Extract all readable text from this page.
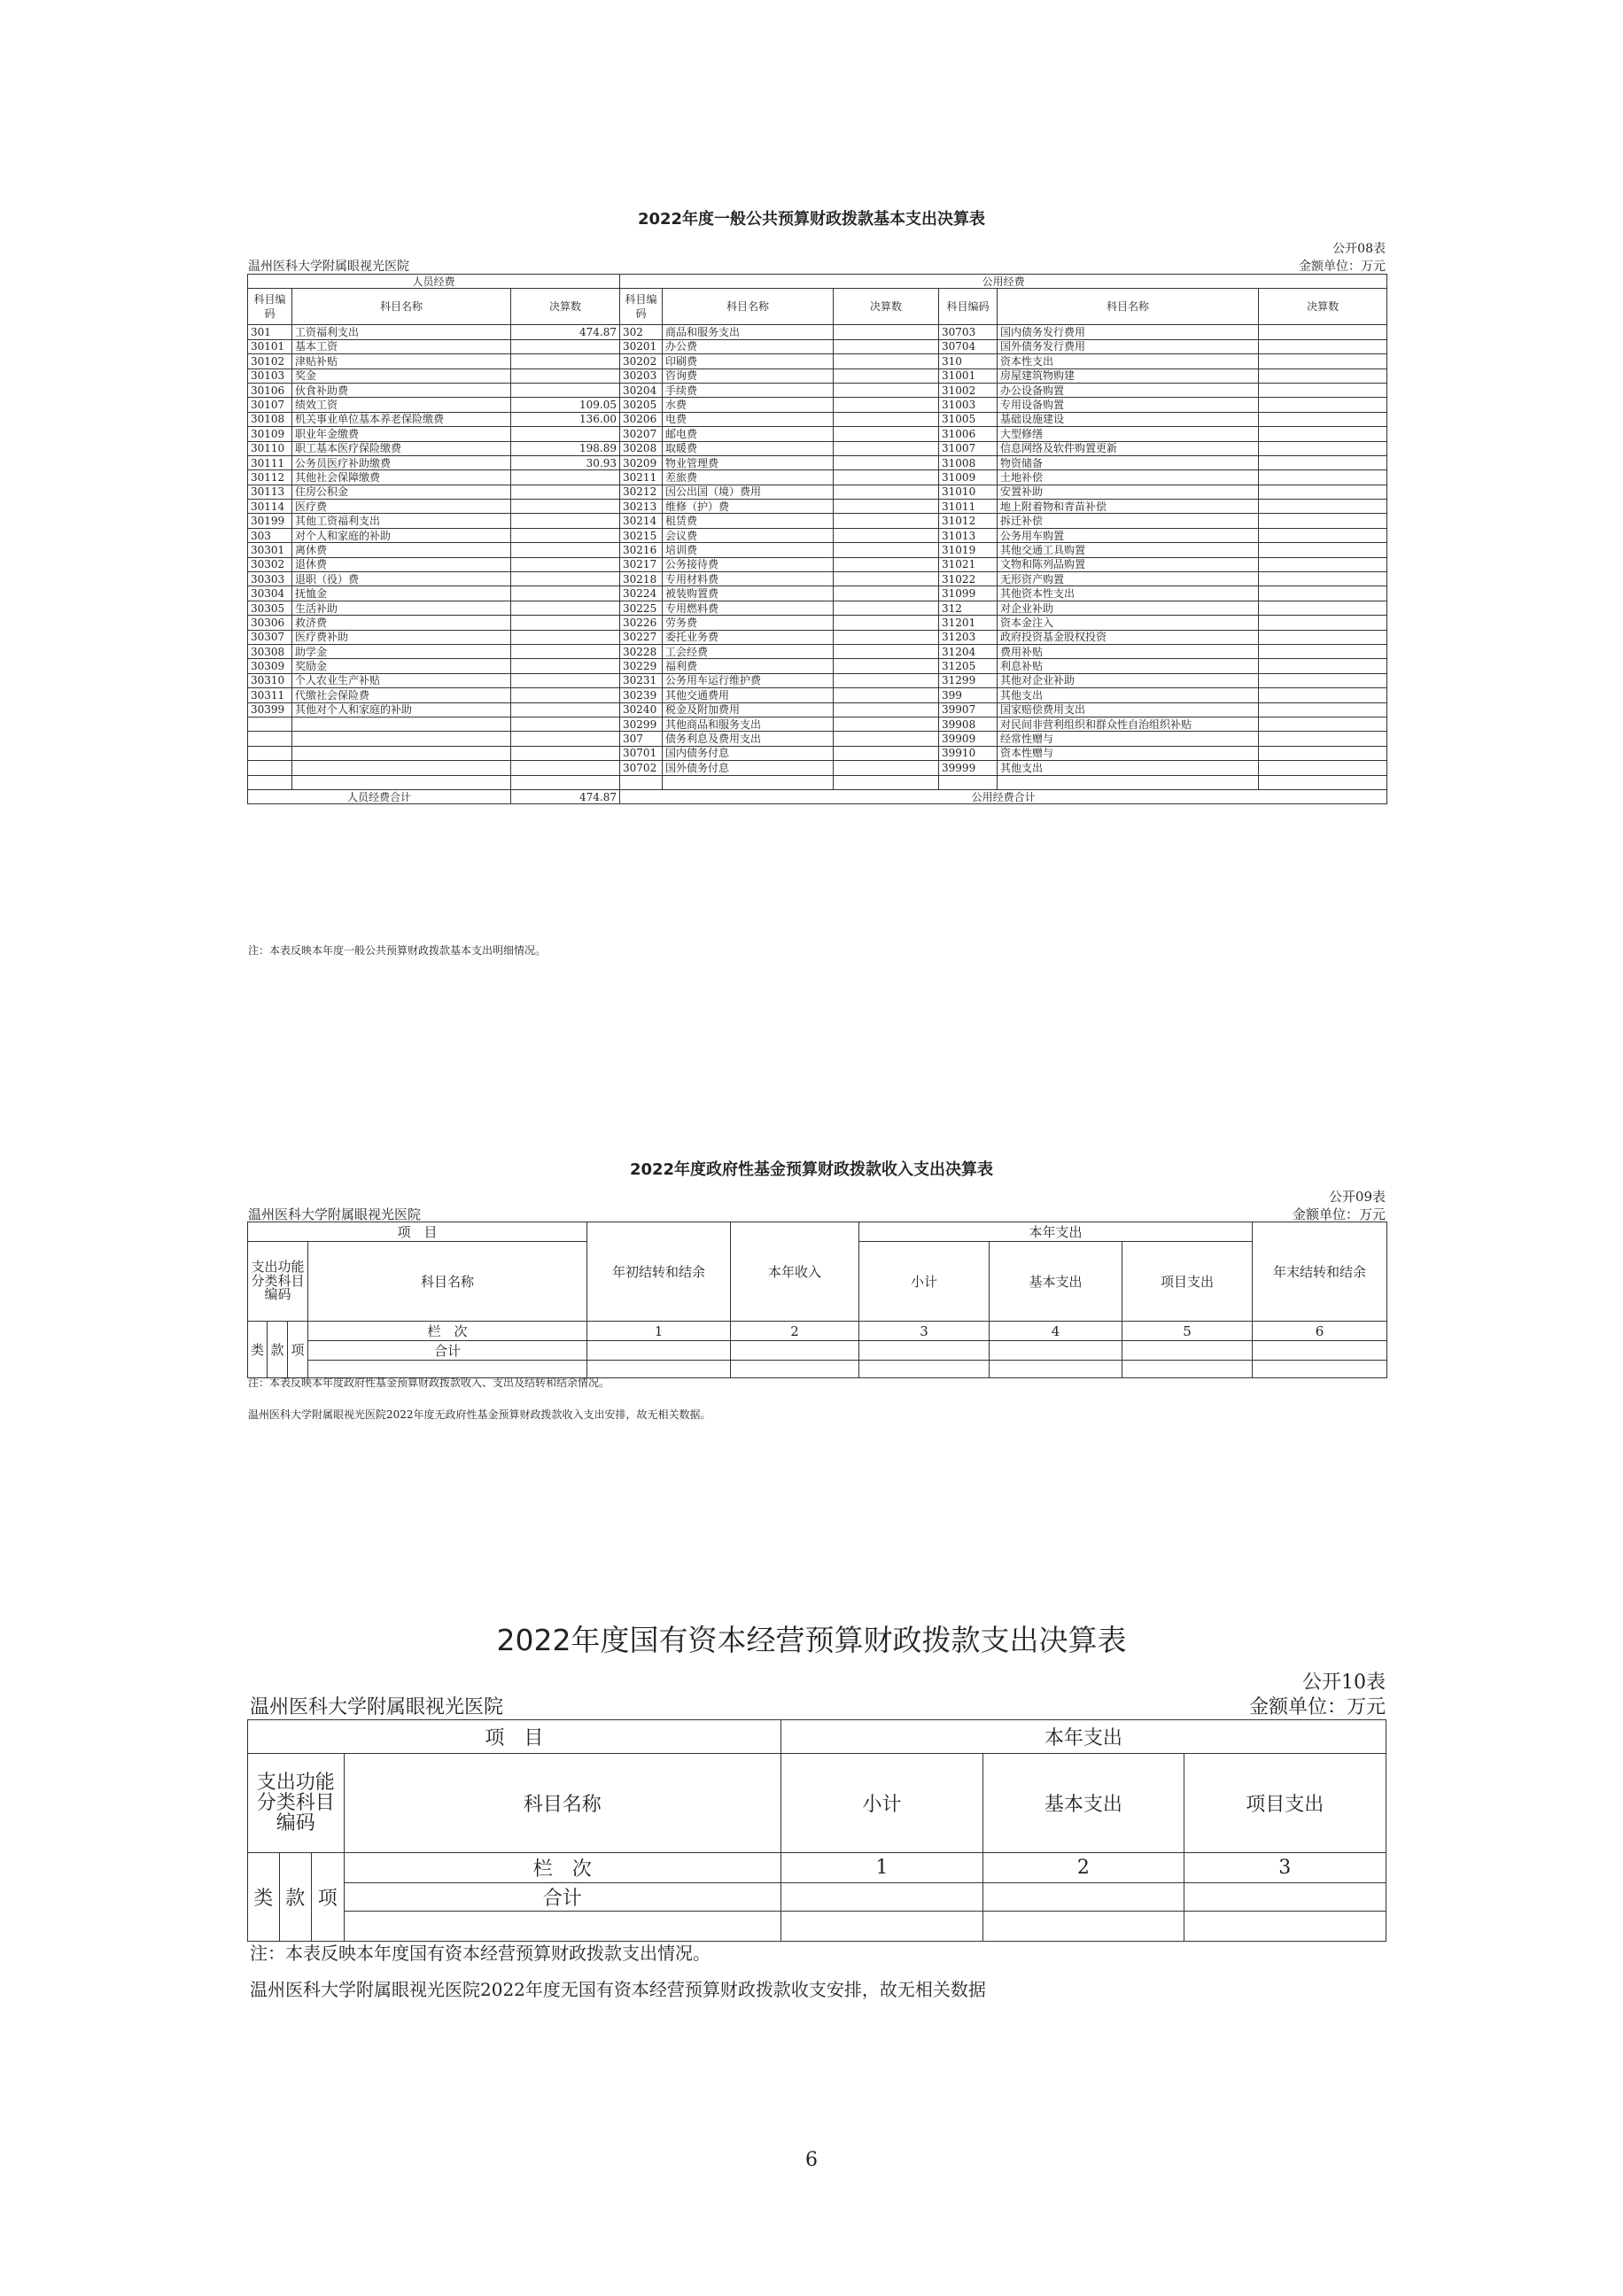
2022年度一般公共预算财政拨款基本支出决算表
公开08表
温州医科大学附属眼视光医院	金额单位：万元
人员经费			公用经费					
科目编码	科目名称	决算数	科目编码	科目名称	决算数	科目编码	科目名称	决算数
301	工资福利支出	474.87	302	商品和服务支出		30703	国内债务发行费用	
30101	基本工资		30201	办公费		30704	国外债务发行费用	
30102	津贴补贴		30202	印刷费		310	资本性支出	
30103	奖金		30203	咨询费		31001	房屋建筑物购建	
30106	伙食补助费		30204	手续费		31002	办公设备购置	
30107	绩效工资	109.05	30205	水费		31003	专用设备购置	
30108	机关事业单位基本养老保险缴费	136.00	30206	电费		31005	基础设施建设	
30109	职业年金缴费		30207	邮电费		31006	大型修缮	
30110	职工基本医疗保险缴费	198.89	30208	取暖费		31007	信息网络及软件购置更新	
30111	公务员医疗补助缴费	30.93	30209	物业管理费		31008	物资储备	
30112	其他社会保障缴费		30211	差旅费		31009	土地补偿	
30113	住房公积金		30212	因公出国（境）费用		31010	安置补助	
30114	医疗费		30213	维修（护）费		31011	地上附着物和青苗补偿	
30199	其他工资福利支出		30214	租赁费		31012	拆迁补偿	
303	对个人和家庭的补助		30215	会议费		31013	公务用车购置	
30301	离休费		30216	培训费		31019	其他交通工具购置	
30302	退休费		30217	公务接待费		31021	文物和陈列品购置	
30303	退职（役）费		30218	专用材料费		31022	无形资产购置	
30304	抚恤金		30224	被装购置费		31099	其他资本性支出	
30305	生活补助		30225	专用燃料费		312	对企业补助	
30306	救济费		30226	劳务费		31201	资本金注入	
30307	医疗费补助		30227	委托业务费		31203	政府投资基金股权投资	
30308	助学金		30228	工会经费		31204	费用补贴	
30309	奖励金		30229	福利费		31205	利息补贴	
30310	个人农业生产补贴		30231	公务用车运行维护费		31299	其他对企业补助	
30311	代缴社会保险费		30239	其他交通费用		399	其他支出	
30399	其他对个人和家庭的补助		30240	税金及附加费用		39907	国家赔偿费用支出	
			30299	其他商品和服务支出		39908	对民间非营利组织和群众性自治组织补贴	
			307	债务利息及费用支出		39909	经常性赠与	
			30701	国内债务付息		39910	资本性赠与	
			30702	国外债务付息		39999	其他支出	

人员经费合计		474.87	公用经费合计					
注：本表反映本年度一般公共预算财政拨款基本支出明细情况。
2022年度政府性基金预算财政拨款收入支出决算表
公开09表
温州医科大学附属眼视光医院	金额单位：万元
项　目				年初结转和结余	本年收入	本年支出			年末结转和结余
支出功能分类科目编码			科目名称			小计	基本支出	项目支出	
类	款	项	栏　次	1	2	3	4	5	6
			合计						

注：本表反映本年度政府性基金预算财政拨款收入、支出及结转和结余情况。
温州医科大学附属眼视光医院2022年度无政府性基金预算财政拨款收入支出安排，故无相关数据。
2022年度国有资本经营预算财政拨款支出决算表
公开10表
温州医科大学附属眼视光医院	金额单位：万元
项　目				本年支出		
支出功能分类科目编码			科目名称	小计	基本支出	项目支出
类	款	项	栏　次	1	2	3
			合计			

注：本表反映本年度国有资本经营预算财政拨款支出情况。
温州医科大学附属眼视光医院2022年度无国有资本经营预算财政拨款收支安排，故无相关数据
6
